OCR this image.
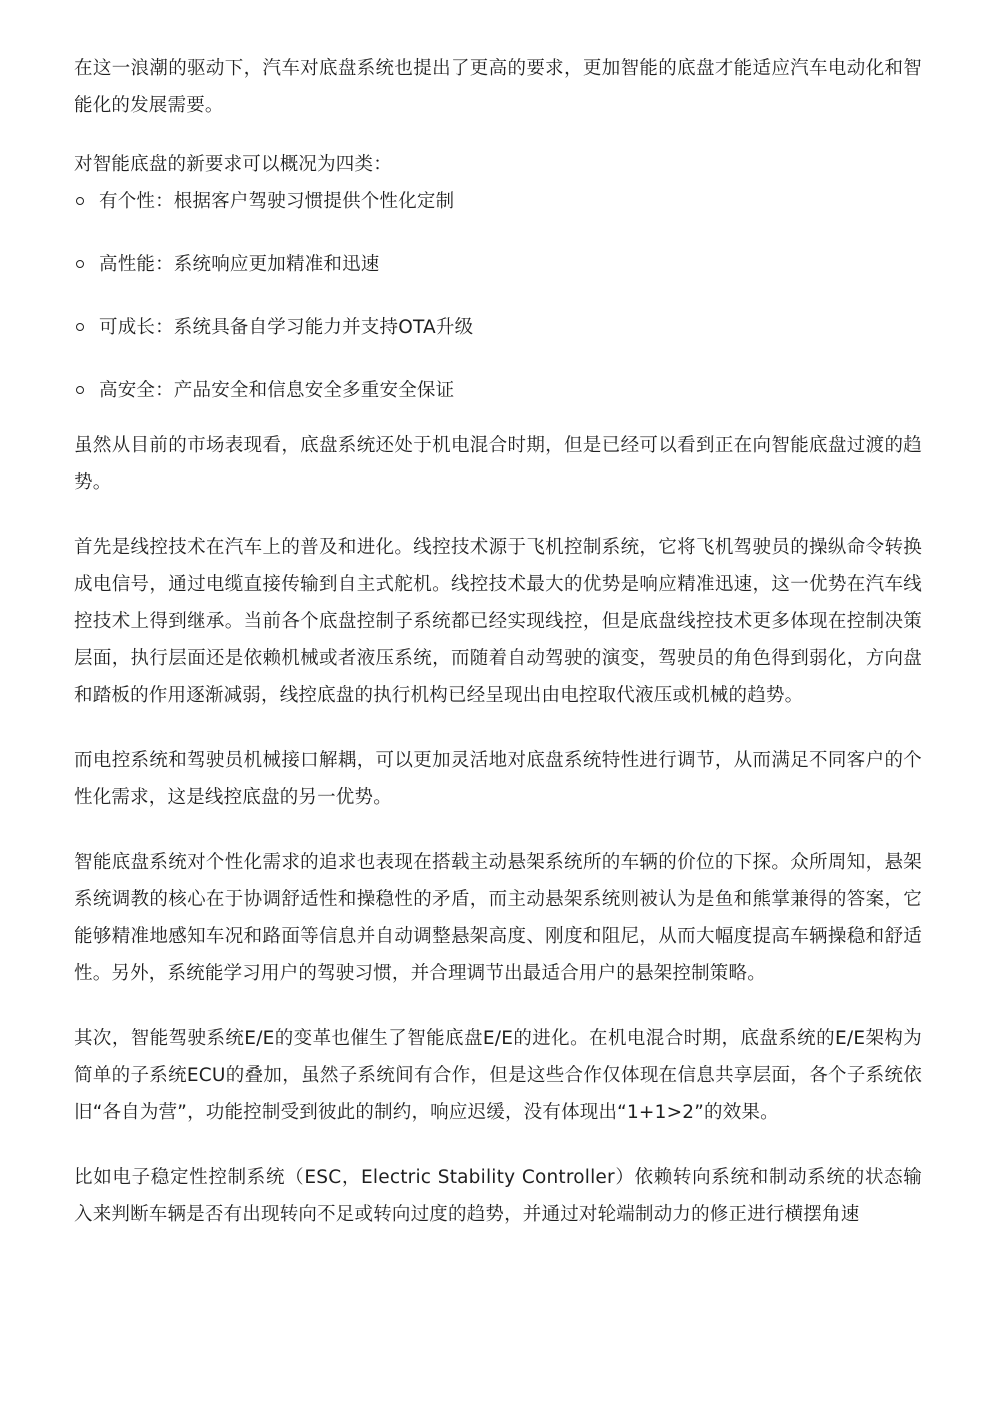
在这一浪潮的驱动下，汽车对底盘系统也提出了更高的要求，更加智能的底盘才能适应汽车电动化和智能化的发展需要。

对智能底盘的新要求可以概况为四类：

有个性：根据客户驾驶习惯提供个性化定制
高性能：系统响应更加精准和迅速
可成长：系统具备自学习能力并支持OTA升级
高安全：产品安全和信息安全多重安全保证

虽然从目前的市场表现看，底盘系统还处于机电混合时期，但是已经可以看到正在向智能底盘过渡的趋势。

首先是线控技术在汽车上的普及和进化。线控技术源于飞机控制系统，它将飞机驾驶员的操纵命令转换成电信号，通过电缆直接传输到自主式舵机。线控技术最大的优势是响应精准迅速，这一优势在汽车线控技术上得到继承。当前各个底盘控制子系统都已经实现线控，但是底盘线控技术更多体现在控制决策层面，执行层面还是依赖机械或者液压系统，而随着自动驾驶的演变，驾驶员的角色得到弱化，方向盘和踏板的作用逐渐减弱，线控底盘的执行机构已经呈现出由电控取代液压或机械的趋势。

而电控系统和驾驶员机械接口解耦，可以更加灵活地对底盘系统特性进行调节，从而满足不同客户的个性化需求，这是线控底盘的另一优势。

智能底盘系统对个性化需求的追求也表现在搭载主动悬架系统所的车辆的价位的下探。众所周知，悬架系统调教的核心在于协调舒适性和操稳性的矛盾，而主动悬架系统则被认为是鱼和熊掌兼得的答案，它能够精准地感知车况和路面等信息并自动调整悬架高度、刚度和阻尼，从而大幅度提高车辆操稳和舒适性。另外，系统能学习用户的驾驶习惯，并合理调节出最适合用户的悬架控制策略。

其次，智能驾驶系统E/E的变革也催生了智能底盘E/E的进化。在机电混合时期，底盘系统的E/E架构为简单的子系统ECU的叠加，虽然子系统间有合作，但是这些合作仅体现在信息共享层面，各个子系统依旧“各自为营”，功能控制受到彼此的制约，响应迟缓，没有体现出“1+1>2”的效果。

比如电子稳定性控制系统（ESC，Electric Stability Controller）依赖转向系统和制动系统的状态输入来判断车辆是否有出现转向不足或转向过度的趋势，并通过对轮端制动力的修正进行横摆角速
